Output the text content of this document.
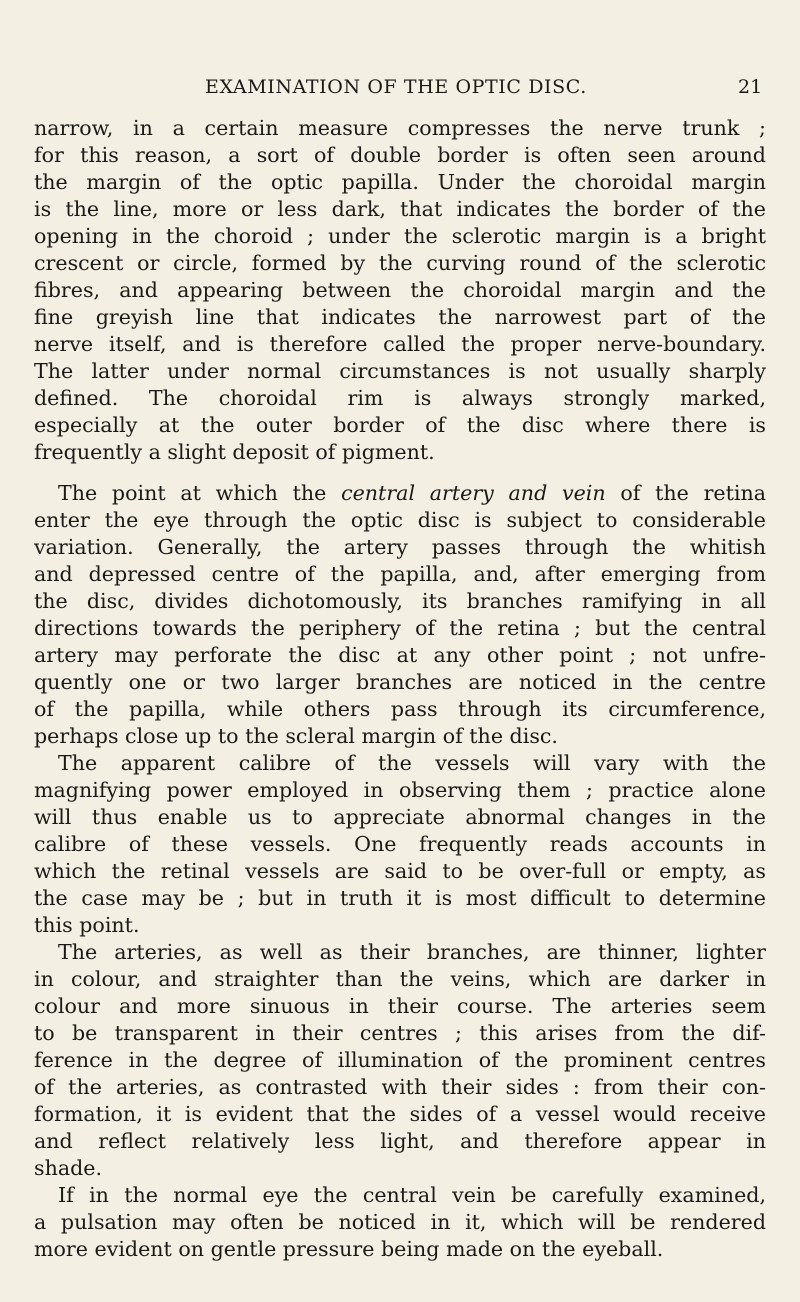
EXAMINATION OF THE OPTIC DISC.	21
narrow, in a certain measure compresses the nerve trunk ;
for this reason, a sort of double border is often seen around
the margin of the optic papilla. Under the choroidal margin
is the line, more or less dark, that indicates the border of the
opening in the choroid ; under the sclerotic margin is a bright
crescent or circle, formed by the curving round of the sclerotic
fibres, and appearing between the choroidal margin and the
fine greyish line that indicates the narrowest part of the
nerve itself, and is therefore called the proper nerve-boundary.
The latter under normal circumstances is not usually sharply
defined. The choroidal rim is always strongly marked,
especially at the outer border of the disc where there is
frequently a slight deposit of pigment.
The point at which the central artery and vein of the retina
enter the eye through the optic disc is subject to considerable
variation. Generally, the artery passes through the whitish
and depressed centre of the papilla, and, after emerging from
the disc, divides dichotomously, its branches ramifying in all
directions towards the periphery of the retina ; but the central
artery may perforate the disc at any other point ; not unfre-
quently one or two larger branches are noticed in the centre
of the papilla, while others pass through its circumference,
perhaps close up to the scleral margin of the disc.
The apparent calibre of the vessels will vary with the
magnifying power employed in observing them ; practice alone
will thus enable us to appreciate abnormal changes in the
calibre of these vessels. One frequently reads accounts in
which the retinal vessels are said to be over-full or empty, as
the case may be ; but in truth it is most difficult to determine
this point.
The arteries, as well as their branches, are thinner, lighter
in colour, and straighter than the veins, which are darker in
colour and more sinuous in their course. The arteries seem
to be transparent in their centres ; this arises from the dif-
ference in the degree of illumination of the prominent centres
of the arteries, as contrasted with their sides : from their con-
formation, it is evident that the sides of a vessel would receive
and reflect relatively less light, and therefore appear in
shade.
If in the normal eye the central vein be carefully examined,
a pulsation may often be noticed in it, which will be rendered
more evident on gentle pressure being made on the eyeball.
